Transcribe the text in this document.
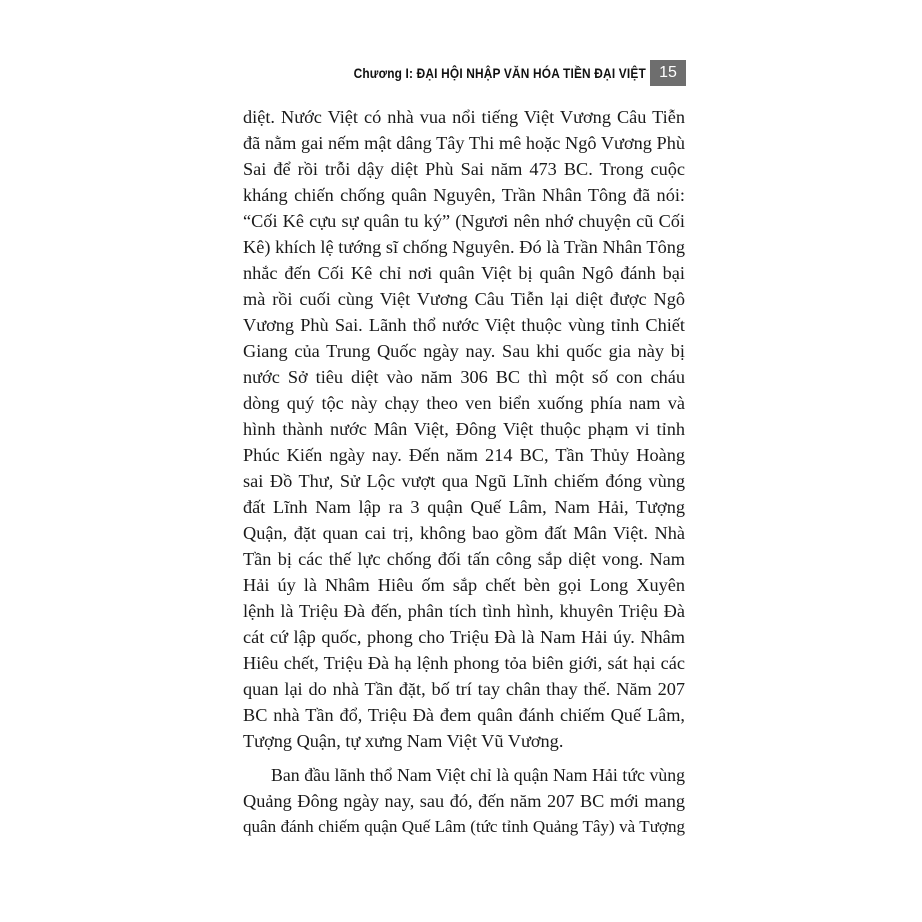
Chương I: ĐẠI HỘI NHẬP VĂN HÓA TIỀN ĐẠI VIỆT 15
diệt. Nước Việt có nhà vua nổi tiếng Việt Vương Câu Tiễn
đã nằm gai nếm mật dâng Tây Thi mê hoặc Ngô Vương Phù
Sai để rồi trỗi dậy diệt Phù Sai năm 473 BC. Trong cuộc
kháng chiến chống quân Nguyên, Trần Nhân Tông đã nói:
“Cối Kê cựu sự quân tu ký” (Ngươi nên nhớ chuyện cũ Cối
Kê) khích lệ tướng sĩ chống Nguyên. Đó là Trần Nhân Tông
nhắc đến Cối Kê chỉ nơi quân Việt bị quân Ngô đánh bại
mà rồi cuối cùng Việt Vương Câu Tiễn lại diệt được Ngô
Vương Phù Sai. Lãnh thổ nước Việt thuộc vùng tỉnh Chiết
Giang của Trung Quốc ngày nay. Sau khi quốc gia này bị
nước Sở tiêu diệt vào năm 306 BC thì một số con cháu
dòng quý tộc này chạy theo ven biển xuống phía nam và
hình thành nước Mân Việt, Đông Việt thuộc phạm vi tỉnh
Phúc Kiến ngày nay. Đến năm 214 BC, Tần Thủy Hoàng
sai Đồ Thư, Sử Lộc vượt qua Ngũ Lĩnh chiếm đóng vùng
đất Lĩnh Nam lập ra 3 quận Quế Lâm, Nam Hải, Tượng
Quận, đặt quan cai trị, không bao gồm đất Mân Việt. Nhà
Tần bị các thế lực chống đối tấn công sắp diệt vong. Nam
Hải úy là Nhâm Hiêu ốm sắp chết bèn gọi Long Xuyên
lệnh là Triệu Đà đến, phân tích tình hình, khuyên Triệu Đà
cát cứ lập quốc, phong cho Triệu Đà là Nam Hải úy. Nhâm
Hiêu chết, Triệu Đà hạ lệnh phong tỏa biên giới, sát hại các
quan lại do nhà Tần đặt, bố trí tay chân thay thế. Năm 207
BC nhà Tần đổ, Triệu Đà đem quân đánh chiếm Quế Lâm,
Tượng Quận, tự xưng Nam Việt Vũ Vương.
Ban đầu lãnh thổ Nam Việt chỉ là quận Nam Hải tức vùng
Quảng Đông ngày nay, sau đó, đến năm 207 BC mới mang
quân đánh chiếm quận Quế Lâm (tức tỉnh Quảng Tây) và Tượng
